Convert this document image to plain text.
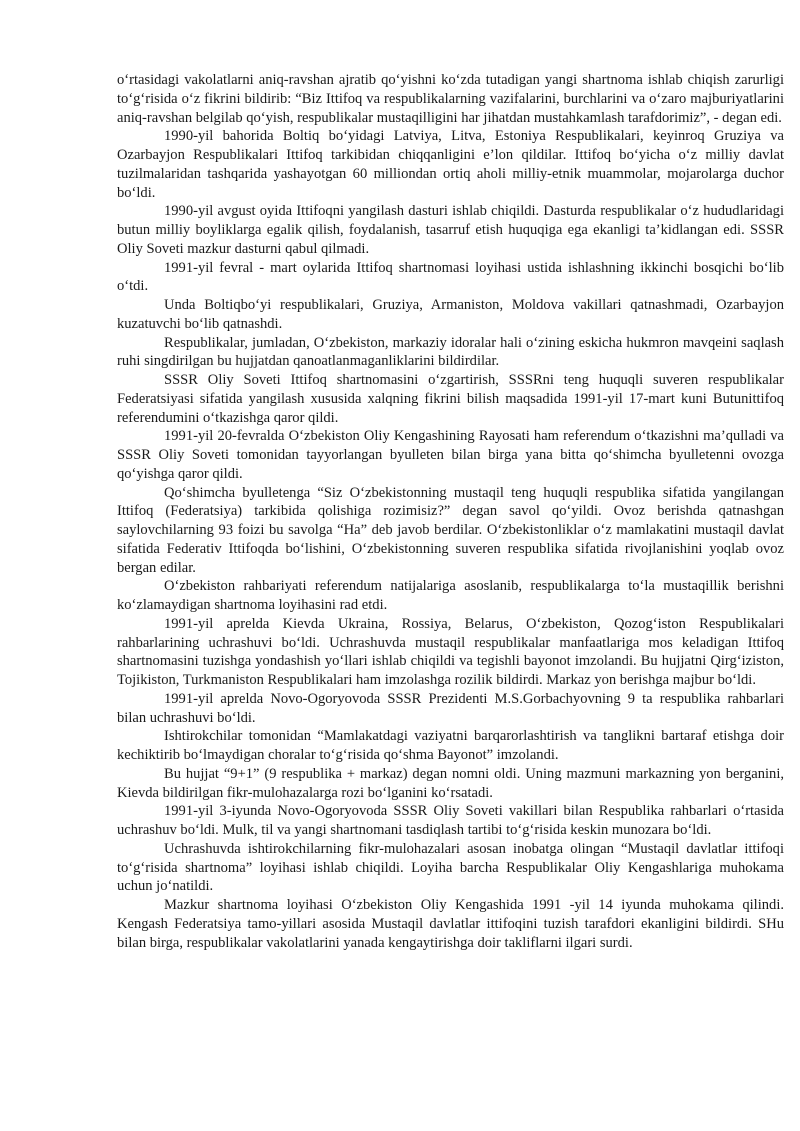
o‘rtasidagi vakolatlarni aniq-ravshan ajratib qo‘yishni ko‘zda tutadigan yangi shartnoma ishlab chiqish zarurligi to‘g‘risida o‘z fikrini bildirib: “Biz Ittifoq va respublikalarning vazifalarini, burchlarini va o‘zaro majburiyatlarini aniq-ravshan belgilab qo‘yish, respublikalar mustaqilligini har jihatdan mustahkamlash tarafdorimiz”, - degan edi.

1990-yil bahorida Boltiq bo‘yidagi Latviya, Litva, Estoniya Respublikalari, keyinroq Gruziya va Ozarbayjon Respublikalari Ittifoq tarkibidan chiqqanligini e’lon qildilar. Ittifoq bo‘yicha o‘z milliy davlat tuzilmalaridan tashqarida yashayotgan 60 milliondan ortiq aholi milliy-etnik muammolar, mojarolarga duchor bo‘ldi.

1990-yil avgust oyida Ittifoqni yangilash dasturi ishlab chiqildi. Dasturda respublikalar o‘z hududlaridagi butun milliy boyliklarga egalik qilish, foydalanish, tasarruf etish huquqiga ega ekanligi ta’kidlangan edi. SSSR Oliy Soveti mazkur dasturni qabul qilmadi.

1991-yil fevral - mart oylarida Ittifoq shartnomasi loyihasi ustida ishlashning ikkinchi bosqichi bo‘lib o‘tdi.

Unda Boltiqbo‘yi respublikalari, Gruziya, Armaniston, Moldova vakillari qatnashmadi, Ozarbayjon kuzatuvchi bo‘lib qatnashdi.

Respublikalar, jumladan, O‘zbekiston, markaziy idoralar hali o‘zining eskicha hukmron mavqeini saqlash ruhi singdirilgan bu hujjatdan qanoatlanmaganliklarini bildirdilar.

SSSR Oliy Soveti Ittifoq shartnomasini o‘zgartirish, SSSRni teng huquqli suveren respublikalar Federatsiyasi sifatida yangilash xususida xalqning fikrini bilish maqsadida 1991-yil 17-mart kuni Butunittifoq referendumini o‘tkazishga qaror qildi.

1991-yil 20-fevralda O‘zbekiston Oliy Kengashining Rayosati ham referendum o‘tkazishni ma’qulladi va SSSR Oliy Soveti tomonidan tayyorlangan byulleten bilan birga yana bitta qo‘shimcha byulletenni ovozga qo‘yishga qaror qildi.

Qo‘shimcha byulletenga “Siz O‘zbekistonning mustaqil teng huquqli respublika sifatida yangilangan Ittifoq (Federatsiya) tarkibida qolishiga rozimisiz?” degan savol qo‘yildi. Ovoz berishda qatnashgan saylovchilarning 93 foizi bu savolga “Ha” deb javob berdilar. O‘zbekistonliklar o‘z mamlakatini mustaqil davlat sifatida Federativ Ittifoqda bo‘lishini, O‘zbekistonning suveren respublika sifatida rivojlanishini yoqlab ovoz bergan edilar.

O‘zbekiston rahbariyati referendum natijalariga asoslanib, respublikalarga to‘la mustaqillik berishni ko‘zlamaydigan shartnoma loyihasini rad etdi.

1991-yil aprelda Kievda Ukraina, Rossiya, Belarus, O‘zbekiston, Qozog‘iston Respublikalari rahbarlarining uchrashuvi bo‘ldi. Uchrashuvda mustaqil respublikalar manfaatlariga mos keladigan Ittifoq shartnomasini tuzishga yondashish yo‘llari ishlab chiqildi va tegishli bayonot imzolandi. Bu hujjatni Qirg‘iziston, Tojikiston, Turkmaniston Respublikalari ham imzolashga rozilik bildirdi. Markaz yon berishga majbur bo‘ldi.

1991-yil aprelda Novo-Ogoryovoda SSSR Prezidenti M.S.Gorbachyovning 9 ta respublika rahbarlari bilan uchrashuvi bo‘ldi.

Ishtirokchilar tomonidan “Mamlakatdagi vaziyatni barqarorlashtirish va tanglikni bartaraf etishga doir kechiktirib bo‘lmaydigan choralar to‘g‘risida qo‘shma Bayonot” imzolandi.

Bu hujjat “9+1” (9 respublika + markaz) degan nomni oldi. Uning mazmuni markazning yon berganini, Kievda bildirilgan fikr-mulohazalarga rozi bo‘lganini ko‘rsatadi.

1991-yil 3-iyunda Novo-Ogoryovoda SSSR Oliy Soveti vakillari bilan Respublika rahbarlari o‘rtasida uchrashuv bo‘ldi. Mulk, til va yangi shartnomani tasdiqlash tartibi to‘g‘risida keskin munozara bo‘ldi.

Uchrashuvda ishtirokchilarning fikr-mulohazalari asosan inobatga olingan “Mustaqil davlatlar ittifoqi to‘g‘risida shartnoma” loyihasi ishlab chiqildi. Loyiha barcha Respublikalar Oliy Kengashlariga muhokama uchun jo‘natildi.

Mazkur shartnoma loyihasi O‘zbekiston Oliy Kengashida 1991 -yil 14 iyunda muhokama qilindi. Kengash Federatsiya tamo-yillari asosida Mustaqil davlatlar ittifoqini tuzish tarafdori ekanligini bildirdi. SHu bilan birga, respublikalar vakolatlarini yanada kengaytirishga doir takliflarni ilgari surdi.
